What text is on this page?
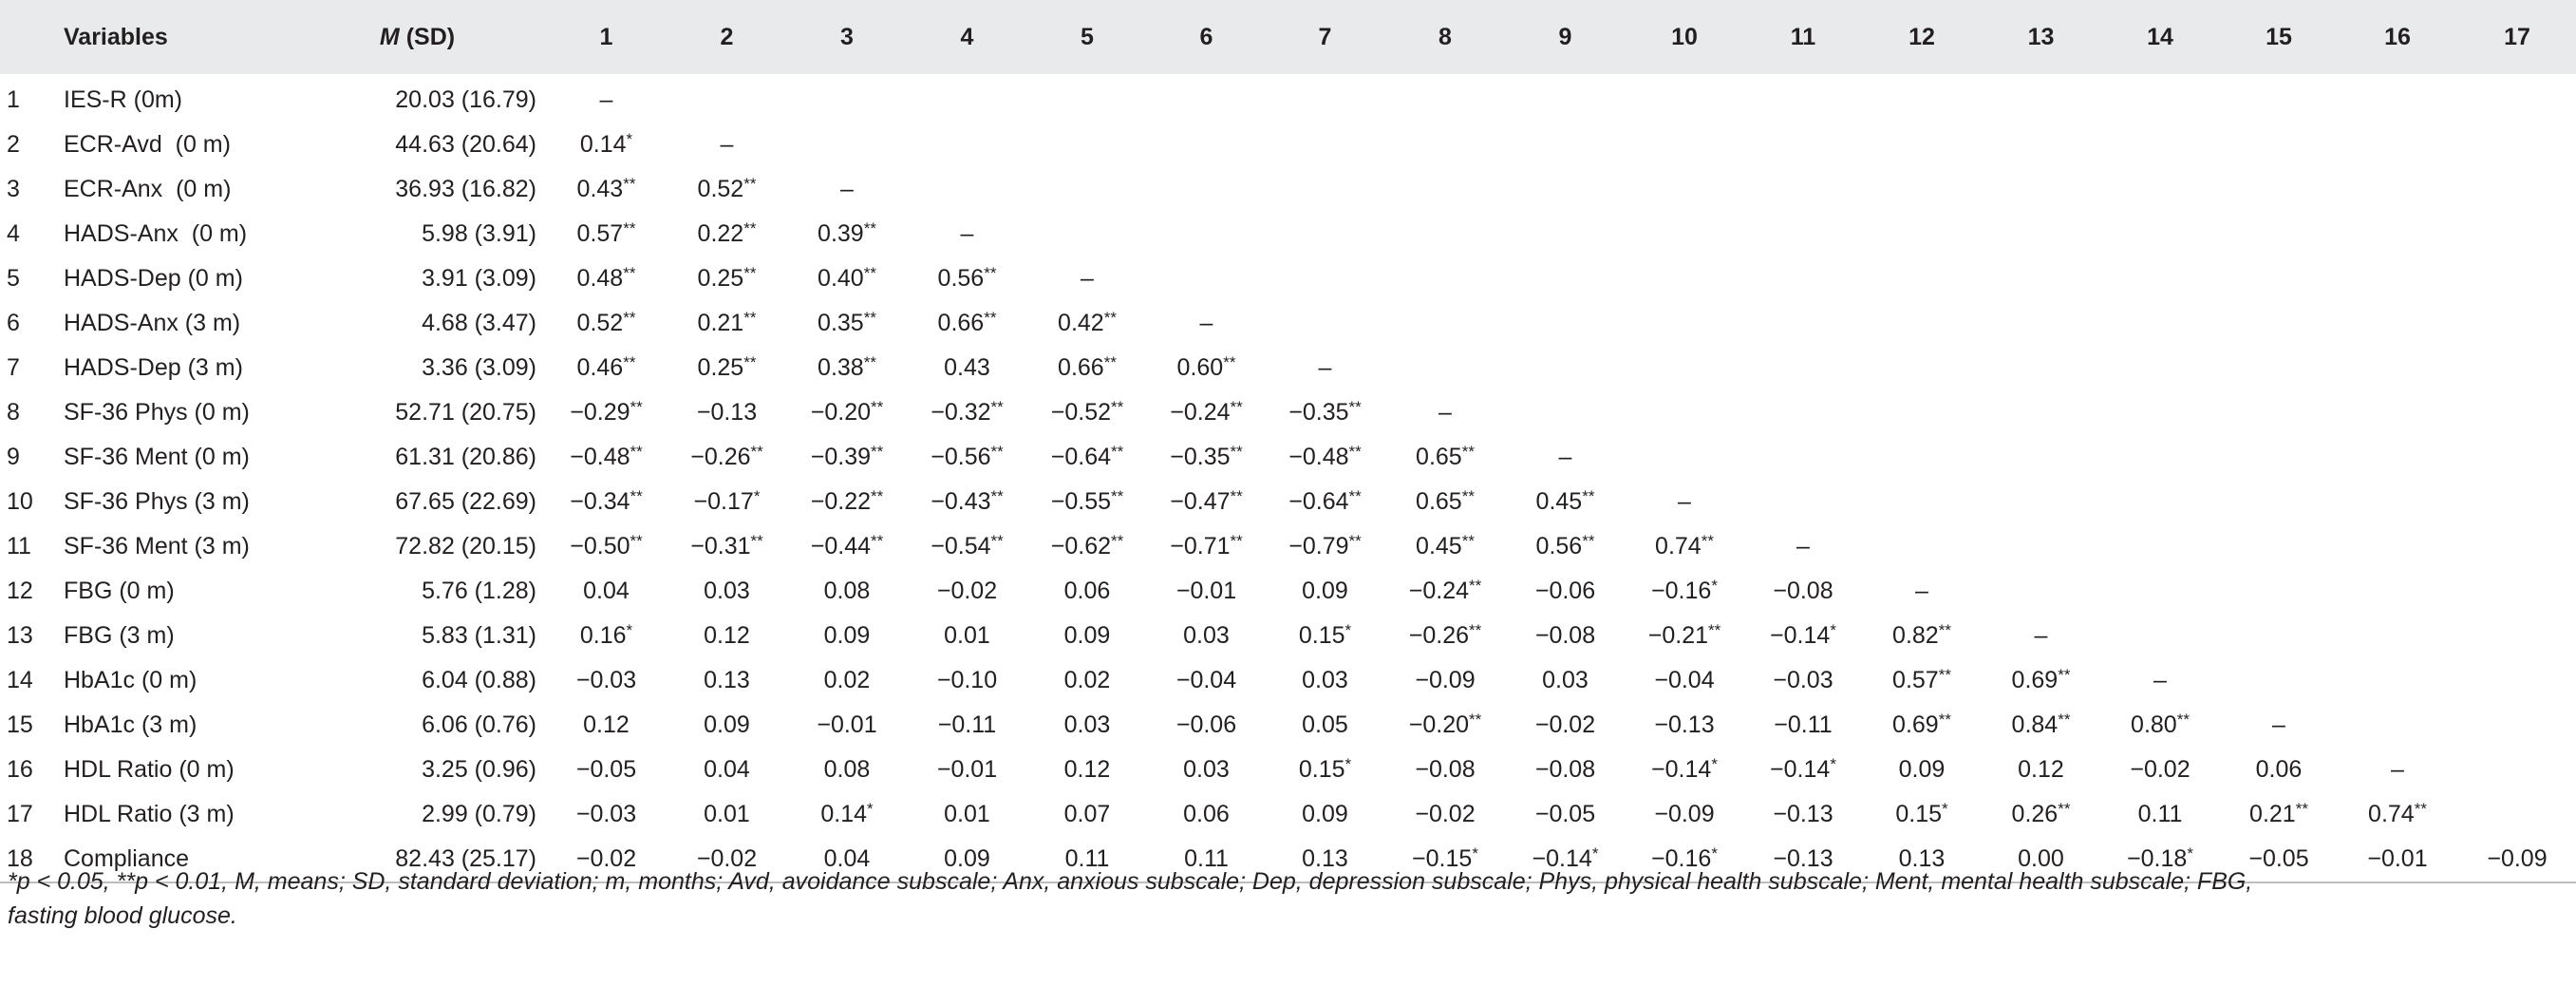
	Variables	M (SD)	1	2	3	4	5	6	7	8	9	10	11	12	13	14	15	16	17
1	IES-R (0m)	20.03 (16.79)	–																
2	ECR-Avd  (0 m)	44.63 (20.64)	0.14*	–															
3	ECR-Anx  (0 m)	36.93 (16.82)	0.43**	0.52**	–														
4	HADS-Anx  (0 m)	5.98 (3.91)	0.57**	0.22**	0.39**	–													
5	HADS-Dep (0 m)	3.91 (3.09)	0.48**	0.25**	0.40**	0.56**	–												
6	HADS-Anx (3 m)	4.68 (3.47)	0.52**	0.21**	0.35**	0.66**	0.42**	–											
7	HADS-Dep (3 m)	3.36 (3.09)	0.46**	0.25**	0.38**	0.43	0.66**	0.60**	–										
8	SF-36 Phys (0 m)	52.71 (20.75)	−0.29**	−0.13	−0.20**	−0.32**	−0.52**	−0.24**	−0.35**	–									
9	SF-36 Ment (0 m)	61.31 (20.86)	−0.48**	−0.26**	−0.39**	−0.56**	−0.64**	−0.35**	−0.48**	0.65**	–								
10	SF-36 Phys (3 m)	67.65 (22.69)	−0.34**	−0.17*	−0.22**	−0.43**	−0.55**	−0.47**	−0.64**	0.65**	0.45**	–							
11	SF-36 Ment (3 m)	72.82 (20.15)	−0.50**	−0.31**	−0.44**	−0.54**	−0.62**	−0.71**	−0.79**	0.45**	0.56**	0.74**	–						
12	FBG (0 m)	5.76 (1.28)	0.04	0.03	0.08	−0.02	0.06	−0.01	0.09	−0.24**	−0.06	−0.16*	−0.08	–					
13	FBG (3 m)	5.83 (1.31)	0.16*	0.12	0.09	0.01	0.09	0.03	0.15*	−0.26**	−0.08	−0.21**	−0.14*	0.82**	–				
14	HbA1c (0 m)	6.04 (0.88)	−0.03	0.13	0.02	−0.10	0.02	−0.04	0.03	−0.09	0.03	−0.04	−0.03	0.57**	0.69**	–			
15	HbA1c (3 m)	6.06 (0.76)	0.12	0.09	−0.01	−0.11	0.03	−0.06	0.05	−0.20**	−0.02	−0.13	−0.11	0.69**	0.84**	0.80**	–		
16	HDL Ratio (0 m)	3.25 (0.96)	−0.05	0.04	0.08	−0.01	0.12	0.03	0.15*	−0.08	−0.08	−0.14*	−0.14*	0.09	0.12	−0.02	0.06	–	
17	HDL Ratio (3 m)	2.99 (0.79)	−0.03	0.01	0.14*	0.01	0.07	0.06	0.09	−0.02	−0.05	−0.09	−0.13	0.15*	0.26**	0.11	0.21**	0.74**	
18	Compliance	82.43 (25.17)	−0.02	−0.02	0.04	0.09	0.11	0.11	0.13	−0.15*	−0.14*	−0.16*	−0.13	0.13	0.00	−0.18*	−0.05	−0.01	−0.09
*p < 0.05, **p < 0.01, M, means; SD, standard deviation; m, months; Avd, avoidance subscale; Anx, anxious subscale; Dep, depression subscale; Phys, physical health subscale; Ment, mental health subscale; FBG,
fasting blood glucose.
